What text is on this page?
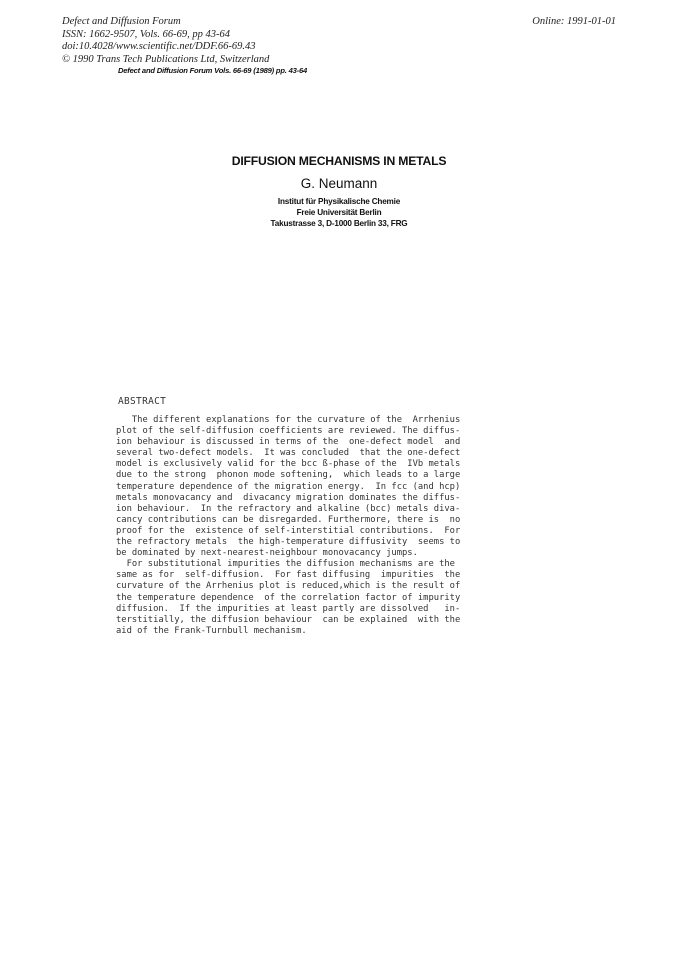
Defect and Diffusion Forum
ISSN: 1662-9507, Vols. 66-69, pp 43-64
doi:10.4028/www.scientific.net/DDF.66-69.43
© 1990 Trans Tech Publications Ltd, Switzerland
Online: 1991-01-01
Defect and Diffusion Forum Vols. 66-69 (1989) pp. 43-64
DIFFUSION MECHANISMS IN METALS
G. Neumann
Institut für Physikalische Chemie
Freie Universität Berlin
Takustrasse 3, D-1000 Berlin 33, FRG
ABSTRACT
The different explanations for the curvature of the  Arrhenius
plot of the self-diffusion coefficients are reviewed. The diffus-
ion behaviour is discussed in terms of the  one-defect model  and
several two-defect models.  It was concluded  that the one-defect
model is exclusively valid for the bcc ß-phase of the  IVb metals
due to the strong  phonon mode softening,  which leads to a large
temperature dependence of the migration energy.  In fcc (and hcp)
metals monovacancy and  divacancy migration dominates the diffus-
ion behaviour.  In the refractory and alkaline (bcc) metals diva-
cancy contributions can be disregarded. Furthermore, there is  no
proof for the  existence of self-interstitial contributions.  For
the refractory metals  the high-temperature diffusivity  seems to
be dominated by next-nearest-neighbour monovacancy jumps.
For substitutional impurities the diffusion mechanisms are the
same as for  self-diffusion.  For fast diffusing  impurities  the
curvature of the Arrhenius plot is reduced,which is the result of
the temperature dependence  of the correlation factor of impurity
diffusion.  If the impurities at least partly are dissolved   in-
terstitially, the diffusion behaviour  can be explained  with the
aid of the Frank-Turnbull mechanism.
